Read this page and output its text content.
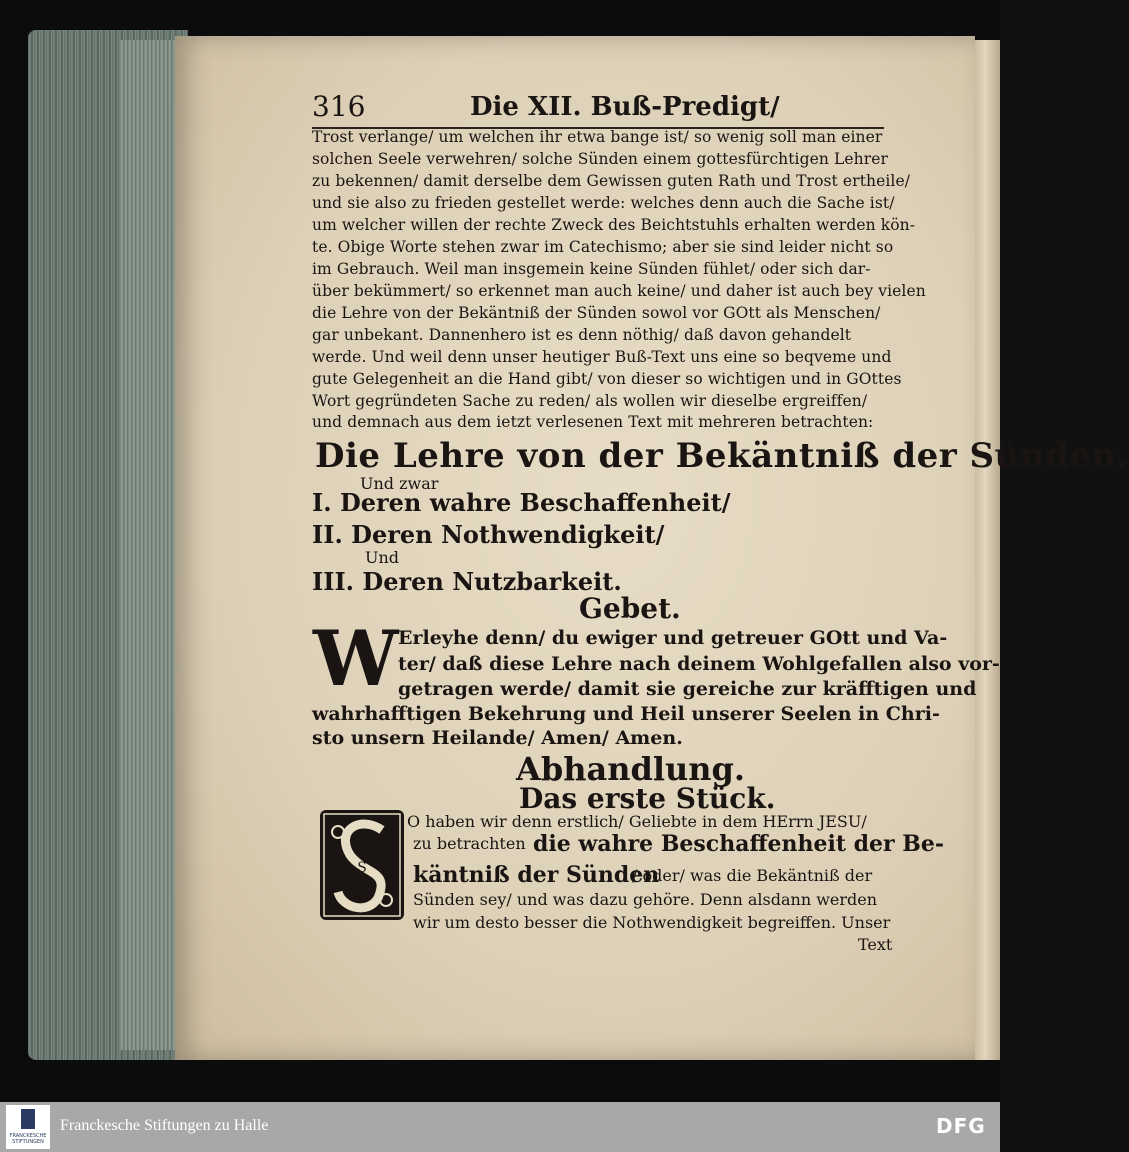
316	Die XII. Buß-Predigt/
Trost verlange/ um welchen ihr etwa bange ist/ so wenig soll man einer
solchen Seele verwehren/ solche Sünden einem gottesfürchtigen Lehrer
zu bekennen/ damit derselbe dem Gewissen guten Rath und Trost ertheile/
und sie also zu frieden gestellet werde: welches denn auch die Sache ist/
um welcher willen der rechte Zweck des Beichtstuhls erhalten werden kön-
te. Obige Worte stehen zwar im Catechismo; aber sie sind leider nicht so
im Gebrauch. Weil man insgemein keine Sünden fühlet/ oder sich dar-
über bekümmert/ so erkennet man auch keine/ und daher ist auch bey vielen
die Lehre von der Bekäntniß der Sünden sowol vor GOtt als Menschen/
gar unbekant. Dannenhero ist es denn nöthig/ daß davon gehandelt
werde. Und weil denn unser heutiger Buß-Text uns eine so beqveme und
gute Gelegenheit an die Hand gibt/ von dieser so wichtigen und in GOttes
Wort gegründeten Sache zu reden/ als wollen wir dieselbe ergreiffen/
und demnach aus dem ietzt verlesenen Text mit mehreren betrachten:
Die Lehre von der Bekäntniß der Sünden.
Und zwar
I. Deren wahre Beschaffenheit/
II. Deren Nothwendigkeit/
Und
III. Deren Nutzbarkeit.
Gebet.
W Erleyhe denn/ du ewiger und getreuer GOtt und Va-
ter/ daß diese Lehre nach deinem Wohlgefallen also vor-
getragen werde/ damit sie gereiche zur kräfftigen und
wahrhafftigen Bekehrung und Heil unserer Seelen in Chri-
sto unsern Heilande/ Amen/ Amen.
Abhandlung.
Das erste Stück.
S
O haben wir denn erstlich/ Geliebte in dem HErrn JESU/
zu betrachten die wahre Beschaffenheit der Be-
käntniß der Sünden
/ oder/ was die Bekäntniß der
Sünden sey/ und was dazu gehöre. Denn alsdann werden
wir um desto besser die Nothwendigkeit begreiffen. Unser
Text
FRANCKESCHE STIFTUNGEN
Franckesche Stiftungen zu Halle	DFG
